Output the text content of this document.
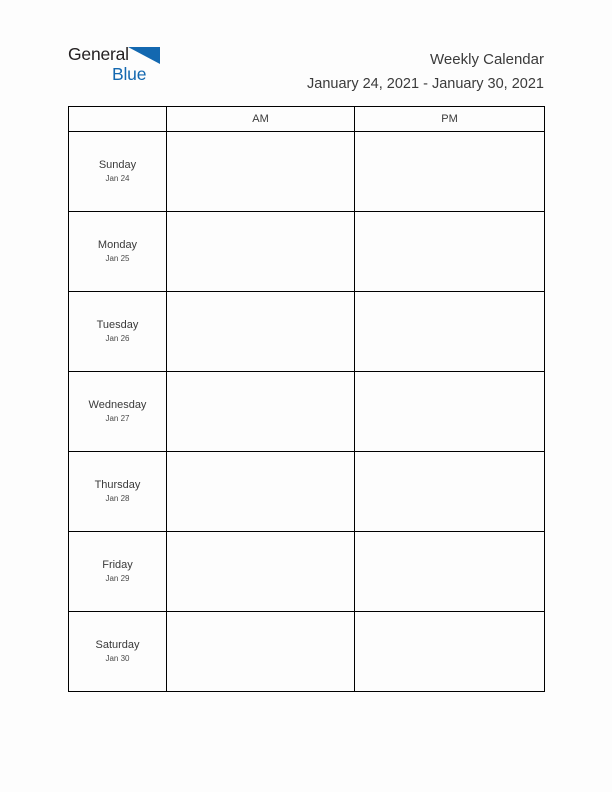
General
Blue
Weekly Calendar
January 24, 2021 - January 30, 2021
	AM	PM

Sunday
Jan 24		

Monday
Jan 25		

Tuesday
Jan 26		

Wednesday
Jan 27		

Thursday
Jan 28		

Friday
Jan 29		

Saturday
Jan 30		
